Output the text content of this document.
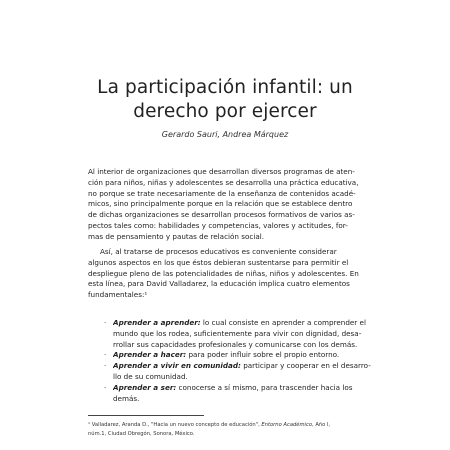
La participación infantil: un
derecho por ejercer
Gerardo Sauri, Andrea Márquez
Al interior de organizaciones que desarrollan diversos programas de aten-
ción para niños, niñas y adolescentes se desarrolla una práctica educativa,
no porque se trate necesariamente de la enseñanza de contenidos acadé-
micos, sino principalmente porque en la relación que se establece dentro
de dichas organizaciones se desarrollan procesos formativos de varios as-
pectos tales como: habilidades y competencias, valores y actitudes, for-
mas de pensamiento y pautas de relación social.
Así, al tratarse de procesos educativos es conveniente considerar
algunos aspectos en los que éstos debieran sustentarse para permitir el
despliegue pleno de las potencialidades de niñas, niños y adolescentes. En
esta línea, para David Valladarez, la educación implica cuatro elementos
fundamentales:¹
· Aprender a aprender: lo cual consiste en aprender a comprender el
mundo que los rodea, suficientemente para vivir con dignidad, desa-
rrollar sus capacidades profesionales y comunicarse con los demás.
· Aprender a hacer: para poder influir sobre el propio entorno.
· Aprender a vivir en comunidad: participar y cooperar en el desarro-
llo de su comunidad.
· Aprender a ser: conocerse a sí mismo, para trascender hacia los
demás.
¹ Valladarez, Aranda D., "Hacia un nuevo concepto de educación", Entorno Académico, Año I,
núm.1, Ciudad Obregón, Sonora, México.
